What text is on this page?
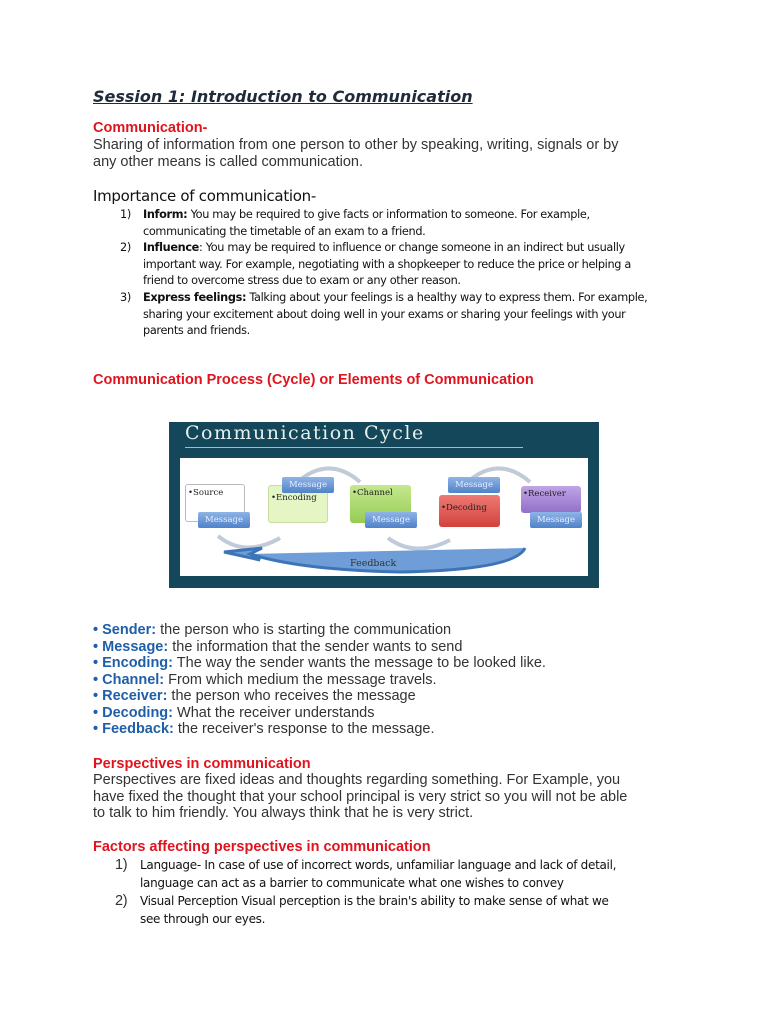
Session 1: Introduction to Communication
Communication-
Sharing of information from one person to other by speaking, writing, signals or by
any other means is called communication.
Importance of communication-
1) Inform: You may be required to give facts or information to someone. For example,
communicating the timetable of an exam to a friend.
2) Influence: You may be required to influence or change someone in an indirect but usually
important way. For example, negotiating with a shopkeeper to reduce the price or helping a
friend to overcome stress due to exam or any other reason.
3) Express feelings: Talking about your feelings is a healthy way to express them. For example,
sharing your excitement about doing well in your exams or sharing your feelings with your
parents and friends.
Communication Process (Cycle) or Elements of Communication
Communication Cycle
•Source	•Encoding	•Channel
•Decoding
•Receiver
Message
Message
Message
Message
Message
Feedback
• Sender: the person who is starting the communication
• Message: the information that the sender wants to send
• Encoding: The way the sender wants the message to be looked like.
• Channel: From which medium the message travels.
• Receiver: the person who receives the message
• Decoding: What the receiver understands
• Feedback: the receiver's response to the message.
Perspectives in communication
Perspectives are fixed ideas and thoughts regarding something. For Example, you
have fixed the thought that your school principal is very strict so you will not be able
to talk to him friendly. You always think that he is very strict.
Factors affecting perspectives in communication
1) Language- In case of use of incorrect words, unfamiliar language and lack of detail,
language can act as a barrier to communicate what one wishes to convey
2) Visual Perception Visual perception is the brain's ability to make sense of what we
see through our eyes.
